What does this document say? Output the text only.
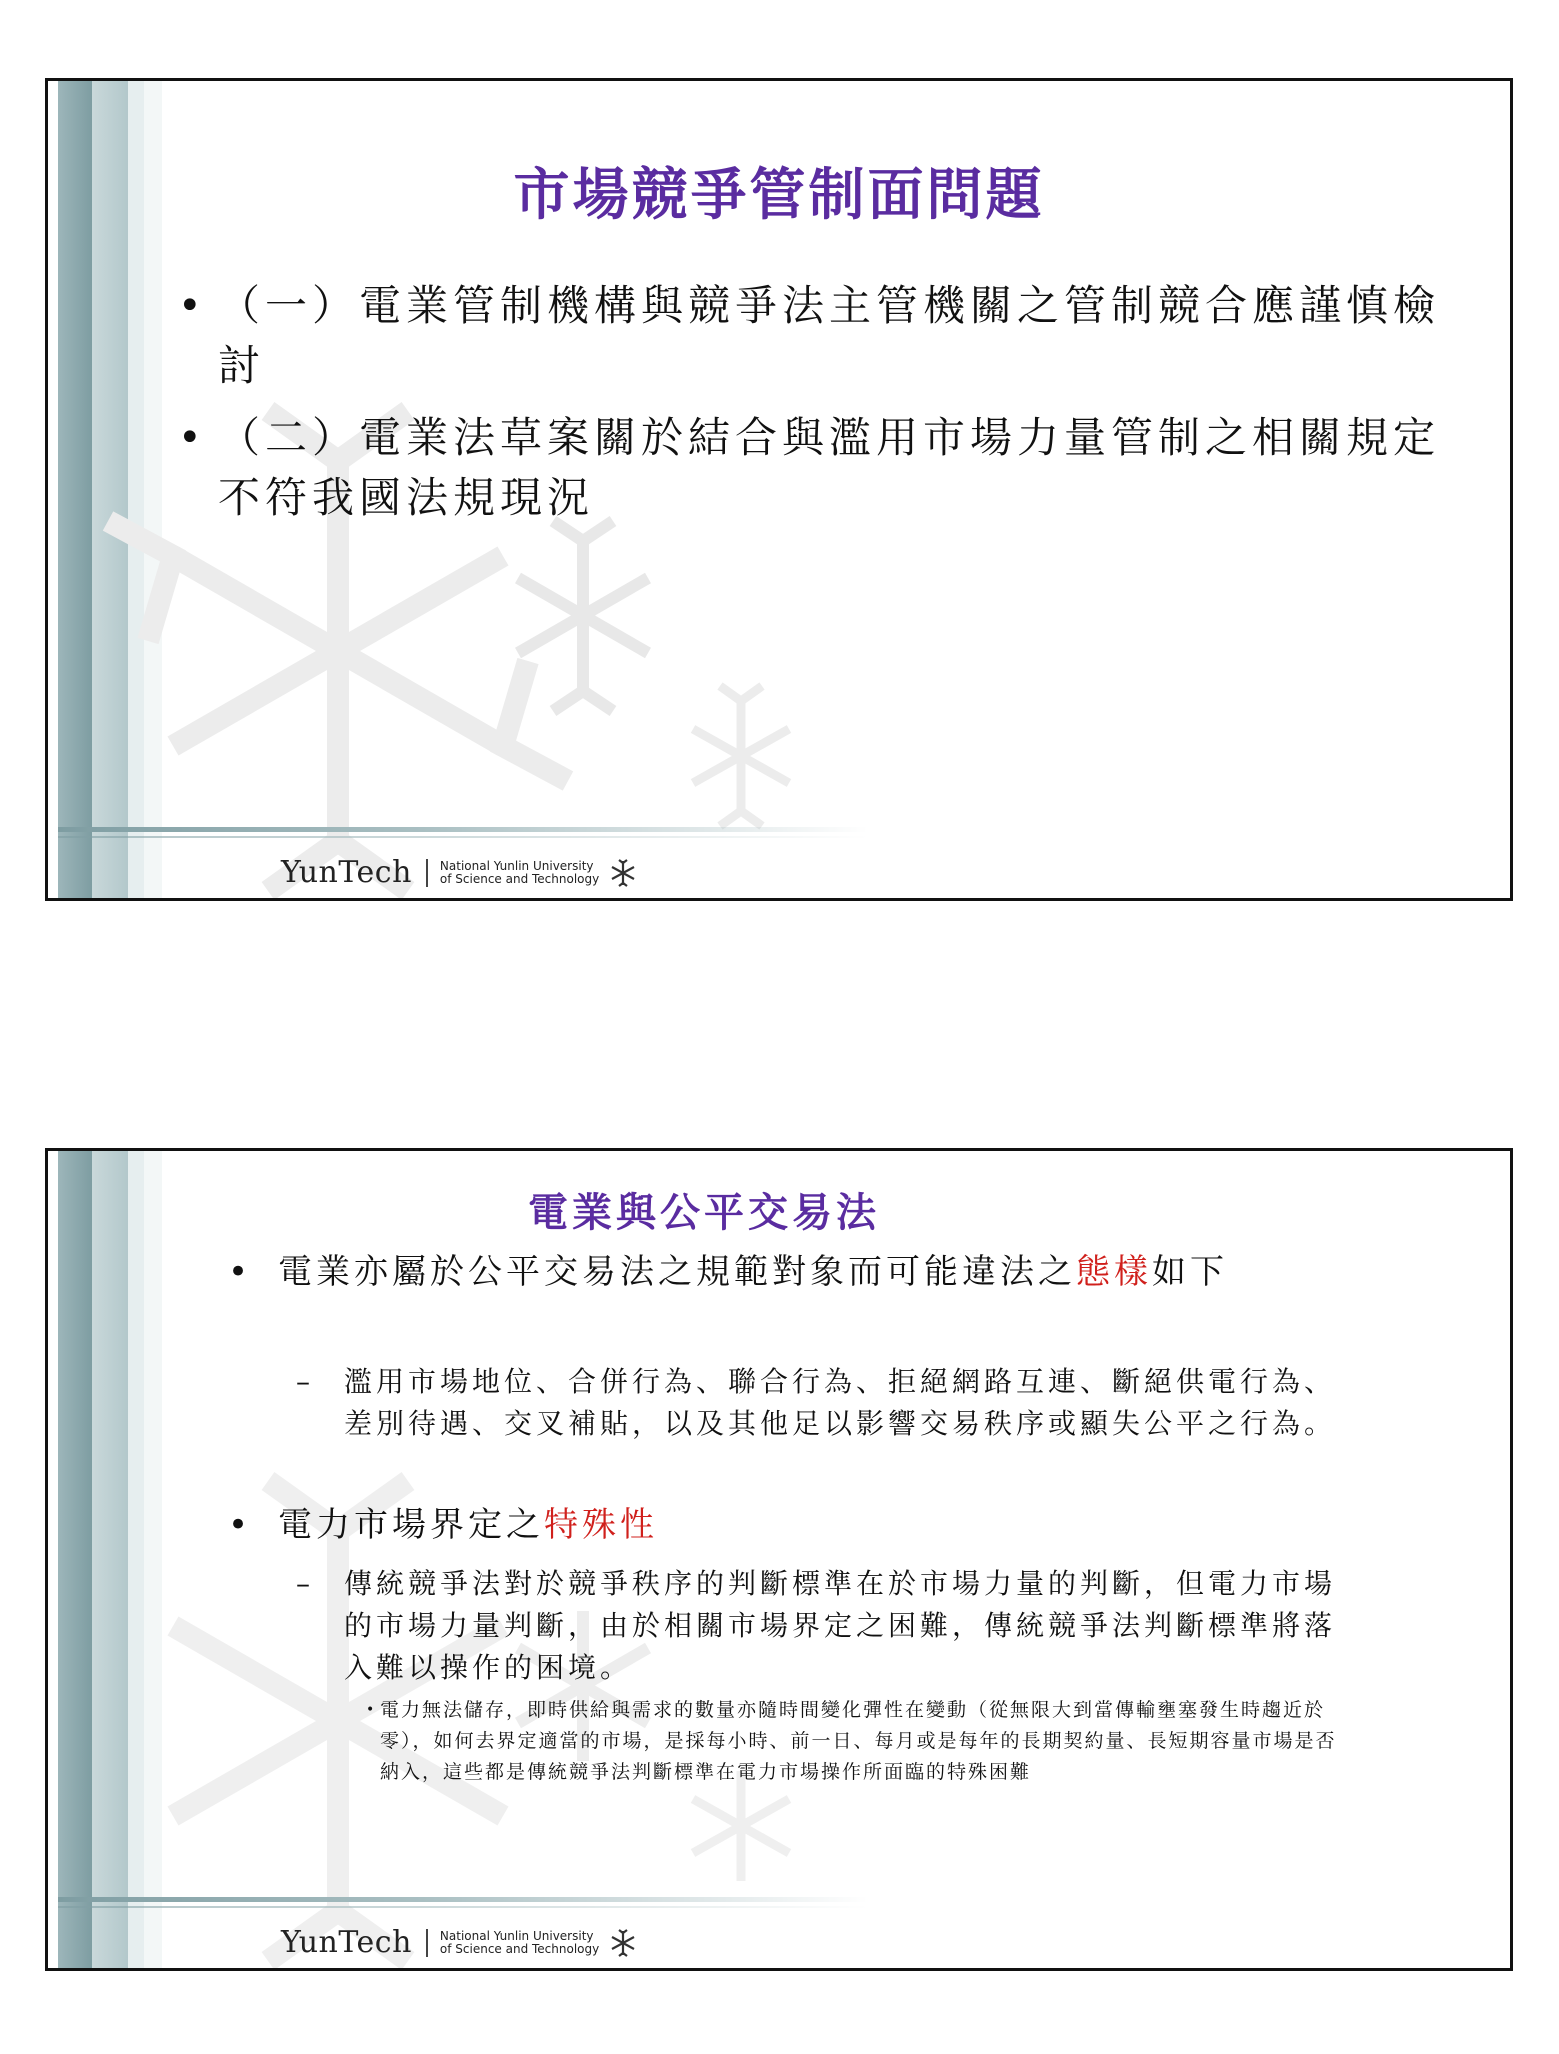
市場競爭管制面問題
• （一）電業管制機構與競爭法主管機關之管制競合應謹慎檢討
• （二）電業法草案關於結合與濫用市場力量管制之相關規定不符我國法規現況
YunTech National Yunlin University
of Science and Technology
電業與公平交易法
• 電業亦屬於公平交易法之規範對象而可能違法之態樣如下
– 濫用市場地位、合併行為、聯合行為、拒絕網路互連、斷絕供電行為、差別待遇、交叉補貼，以及其他足以影響交易秩序或顯失公平之行為。
• 電力市場界定之特殊性
– 傳統競爭法對於競爭秩序的判斷標準在於市場力量的判斷，但電力市場的市場力量判斷，由於相關市場界定之困難，傳統競爭法判斷標準將落入難以操作的困境。
• 電力無法儲存，即時供給與需求的數量亦隨時間變化彈性在變動（從無限大到當傳輸壅塞發生時趨近於零），如何去界定適當的市場，是採每小時、前一日、每月或是每年的長期契約量、長短期容量市場是否納入，這些都是傳統競爭法判斷標準在電力市場操作所面臨的特殊困難
YunTech National Yunlin University
of Science and Technology
